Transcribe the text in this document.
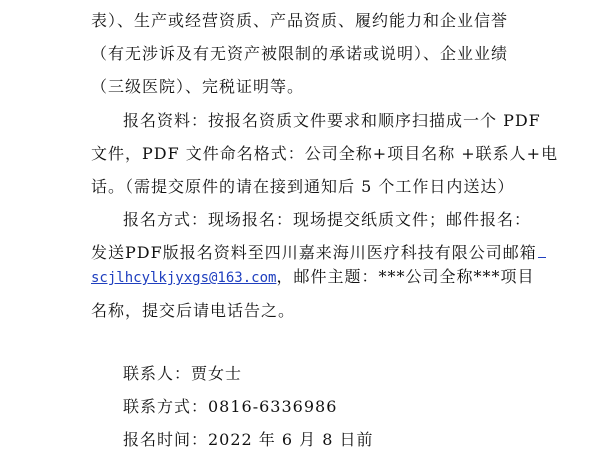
表）、生产或经营资质、产品资质、履约能力和企业信誉
（有无涉诉及有无资产被限制的承诺或说明）、企业业绩
（三级医院）、完税证明等。
报名资料：按报名资质文件要求和顺序扫描成一个 PDF
文件，PDF 文件命名格式：公司全称+项目名称 +联系人+电
话。（需提交原件的请在接到通知后 5 个工作日内送达）
报名方式：现场报名：现场提交纸质文件；邮件报名：
发送PDF版报名资料至四川嘉来海川医疗科技有限公司邮箱
scjlhcylkjyxgs@163.com，邮件主题：***公司全称***项目
名称，提交后请电话告之。
联系人：贾女士
联系方式：0816-6336986
报名时间：2022 年 6 月 8 日前
